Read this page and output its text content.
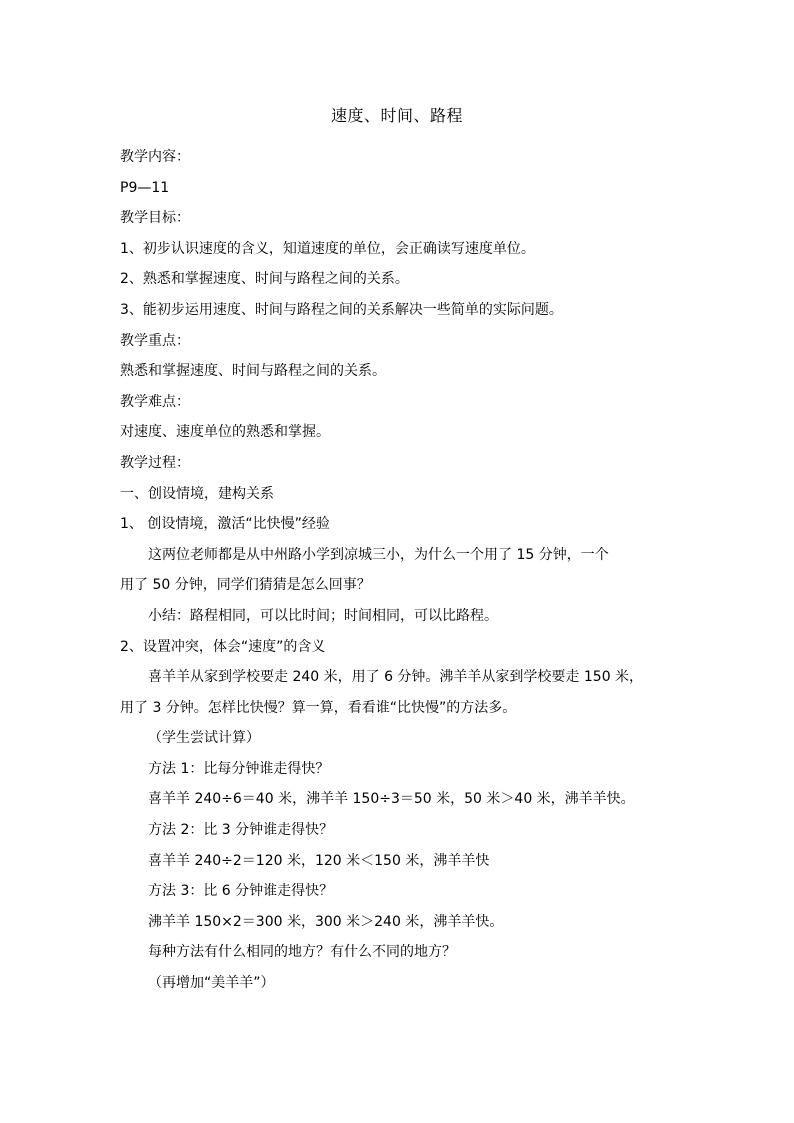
速度、时间、路程

教学内容：

P9—11

教学目标：

1、初步认识速度的含义，知道速度的单位，会正确读写速度单位。

2、熟悉和掌握速度、时间与路程之间的关系。

3、能初步运用速度、时间与路程之间的关系解决一些简单的实际问题。

教学重点：

熟悉和掌握速度、时间与路程之间的关系。

教学难点：

对速度、速度单位的熟悉和掌握。

教学过程：

一、创设情境，建构关系

1、 创设情境，激活“比快慢”经验

这两位老师都是从中州路小学到凉城三小，为什么一个用了 15 分钟，一个

用了 50 分钟，同学们猜猜是怎么回事？

小结：路程相同，可以比时间；时间相同，可以比路程。

2、设置冲突，体会“速度”的含义

喜羊羊从家到学校要走 240 米，用了 6 分钟。沸羊羊从家到学校要走 150 米，

用了 3 分钟。怎样比快慢？算一算，看看谁“比快慢”的方法多。

（学生尝试计算）

方法 1：比每分钟谁走得快？

喜羊羊 240÷6＝40 米，沸羊羊 150÷3＝50 米，50 米＞40 米，沸羊羊快。

方法 2：比 3 分钟谁走得快？

喜羊羊 240÷2＝120 米，120 米＜150 米，沸羊羊快

方法 3：比 6 分钟谁走得快？

沸羊羊 150×2＝300 米，300 米＞240 米，沸羊羊快。

每种方法有什么相同的地方？有什么不同的地方？

（再增加“美羊羊”）
